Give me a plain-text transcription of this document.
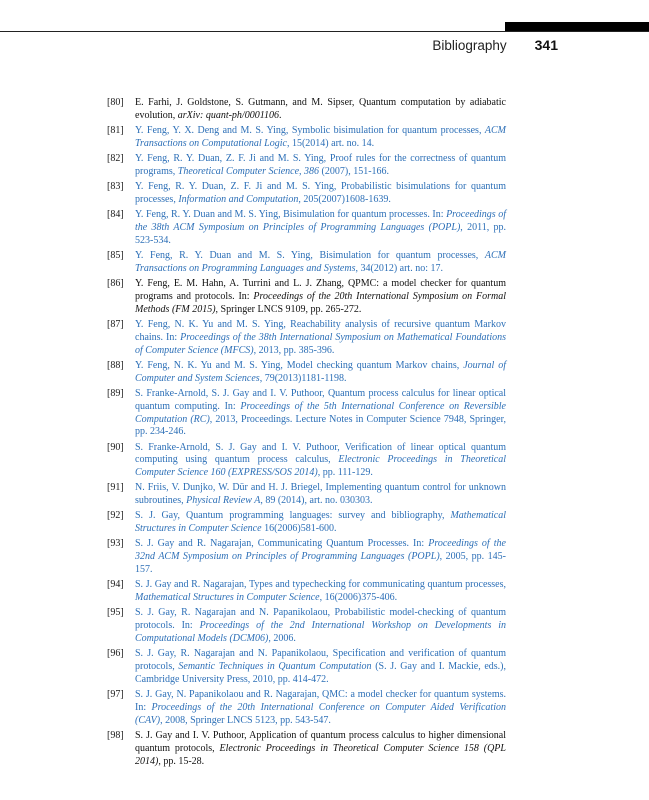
Bibliography 341
[80]	E. Farhi, J. Goldstone, S. Gutmann, and M. Sipser, Quantum computation by adiabatic evolution, arXiv: quant-ph/0001106.
[81]	Y. Feng, Y. X. Deng and M. S. Ying, Symbolic bisimulation for quantum processes, ACM Transactions on Computational Logic, 15(2014) art. no. 14.
[82]	Y. Feng, R. Y. Duan, Z. F. Ji and M. S. Ying, Proof rules for the correctness of quantum programs, Theoretical Computer Science, 386 (2007), 151-166.
[83]	Y. Feng, R. Y. Duan, Z. F. Ji and M. S. Ying, Probabilistic bisimulations for quantum processes, Information and Computation, 205(2007)1608-1639.
[84]	Y. Feng, R. Y. Duan and M. S. Ying, Bisimulation for quantum processes. In: Proceedings of the 38th ACM Symposium on Principles of Programming Languages (POPL), 2011, pp. 523-534.
[85]	Y. Feng, R. Y. Duan and M. S. Ying, Bisimulation for quantum processes, ACM Transactions on Programming Languages and Systems, 34(2012) art. no: 17.
[86]	Y. Feng, E. M. Hahn, A. Turrini and L. J. Zhang, QPMC: a model checker for quantum programs and protocols. In: Proceedings of the 20th International Symposium on Formal Methods (FM 2015), Springer LNCS 9109, pp. 265-272.
[87]	Y. Feng, N. K. Yu and M. S. Ying, Reachability analysis of recursive quantum Markov chains. In: Proceedings of the 38th International Symposium on Mathematical Foundations of Computer Science (MFCS), 2013, pp. 385-396.
[88]	Y. Feng, N. K. Yu and M. S. Ying, Model checking quantum Markov chains, Journal of Computer and System Sciences, 79(2013)1181-1198.
[89]	S. Franke-Arnold, S. J. Gay and I. V. Puthoor, Quantum process calculus for linear optical quantum computing. In: Proceedings of the 5th International Conference on Reversible Computation (RC), 2013, Proceedings. Lecture Notes in Computer Science 7948, Springer, pp. 234-246.
[90]	S. Franke-Arnold, S. J. Gay and I. V. Puthoor, Verification of linear optical quantum computing using quantum process calculus, Electronic Proceedings in Theoretical Computer Science 160 (EXPRESS/SOS 2014), pp. 111-129.
[91]	N. Friis, V. Dunjko, W. Dür and H. J. Briegel, Implementing quantum control for unknown subroutines, Physical Review A, 89 (2014), art. no. 030303.
[92]	S. J. Gay, Quantum programming languages: survey and bibliography, Mathematical Structures in Computer Science 16(2006)581-600.
[93]	S. J. Gay and R. Nagarajan, Communicating Quantum Processes. In: Proceedings of the 32nd ACM Symposium on Principles of Programming Languages (POPL), 2005, pp. 145-157.
[94]	S. J. Gay and R. Nagarajan, Types and typechecking for communicating quantum processes, Mathematical Structures in Computer Science, 16(2006)375-406.
[95]	S. J. Gay, R. Nagarajan and N. Papanikolaou, Probabilistic model-checking of quantum protocols. In: Proceedings of the 2nd International Workshop on Developments in Computational Models (DCM06), 2006.
[96]	S. J. Gay, R. Nagarajan and N. Papanikolaou, Specification and verification of quantum protocols, Semantic Techniques in Quantum Computation (S. J. Gay and I. Mackie, eds.), Cambridge University Press, 2010, pp. 414-472.
[97]	S. J. Gay, N. Papanikolaou and R. Nagarajan, QMC: a model checker for quantum systems. In: Proceedings of the 20th International Conference on Computer Aided Verification (CAV), 2008, Springer LNCS 5123, pp. 543-547.
[98]	S. J. Gay and I. V. Puthoor, Application of quantum process calculus to higher dimensional quantum protocols, Electronic Proceedings in Theoretical Computer Science 158 (QPL 2014), pp. 15-28.
